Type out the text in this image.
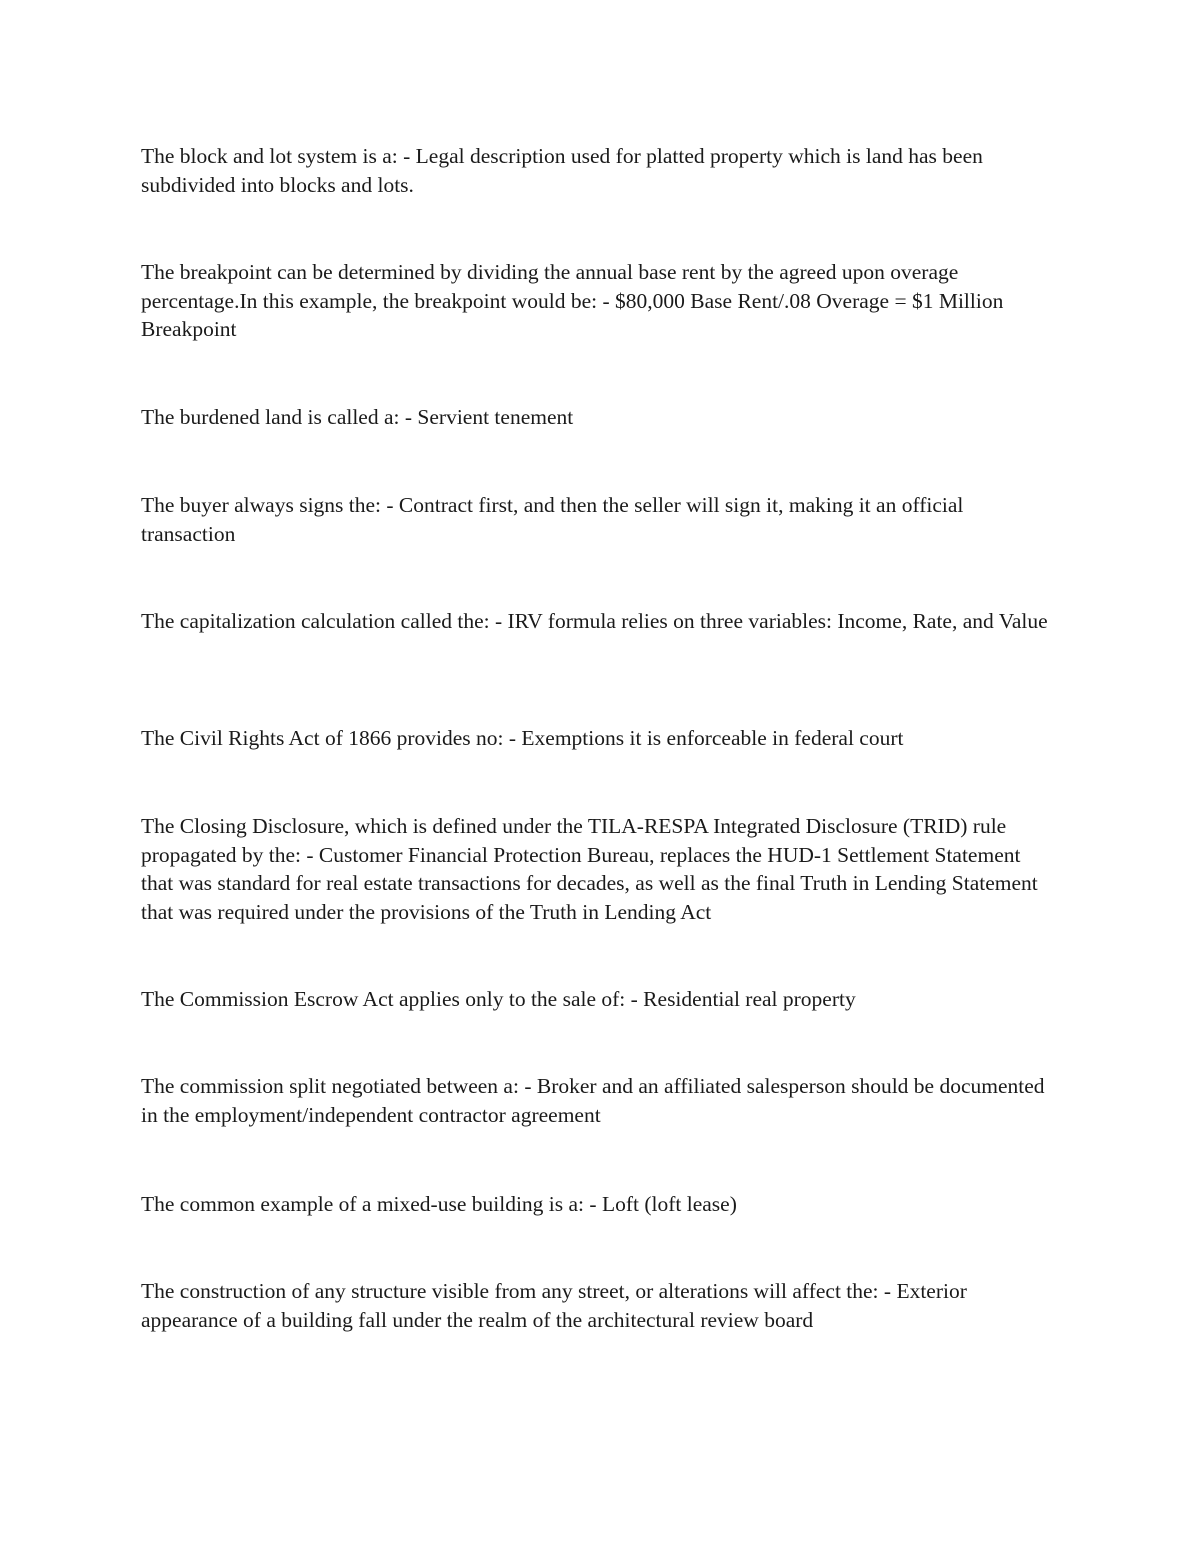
The block and lot system is a: - Legal description used for platted property which is land has been subdivided into blocks and lots.

The breakpoint can be determined by dividing the annual base rent by the agreed upon overage percentage.In this example, the breakpoint would be: - $80,000 Base Rent/.08 Overage = $1 Million Breakpoint

The burdened land is called a: - Servient tenement

The buyer always signs the: - Contract first, and then the seller will sign it, making it an official transaction

The capitalization calculation called the: - IRV formula relies on three variables: Income, Rate, and Value

The Civil Rights Act of 1866 provides no: - Exemptions it is enforceable in federal court

The Closing Disclosure, which is defined under the TILA-RESPA Integrated Disclosure (TRID) rule propagated by the: - Customer Financial Protection Bureau, replaces the HUD-1 Settlement Statement that was standard for real estate transactions for decades, as well as the final Truth in Lending Statement that was required under the provisions of the Truth in Lending Act

The Commission Escrow Act applies only to the sale of: - Residential real property

The commission split negotiated between a: - Broker and an affiliated salesperson should be documented in the employment/independent contractor agreement

The common example of a mixed-use building is a: - Loft (loft lease)

The construction of any structure visible from any street, or alterations will affect the: - Exterior appearance of a building fall under the realm of the architectural review board
